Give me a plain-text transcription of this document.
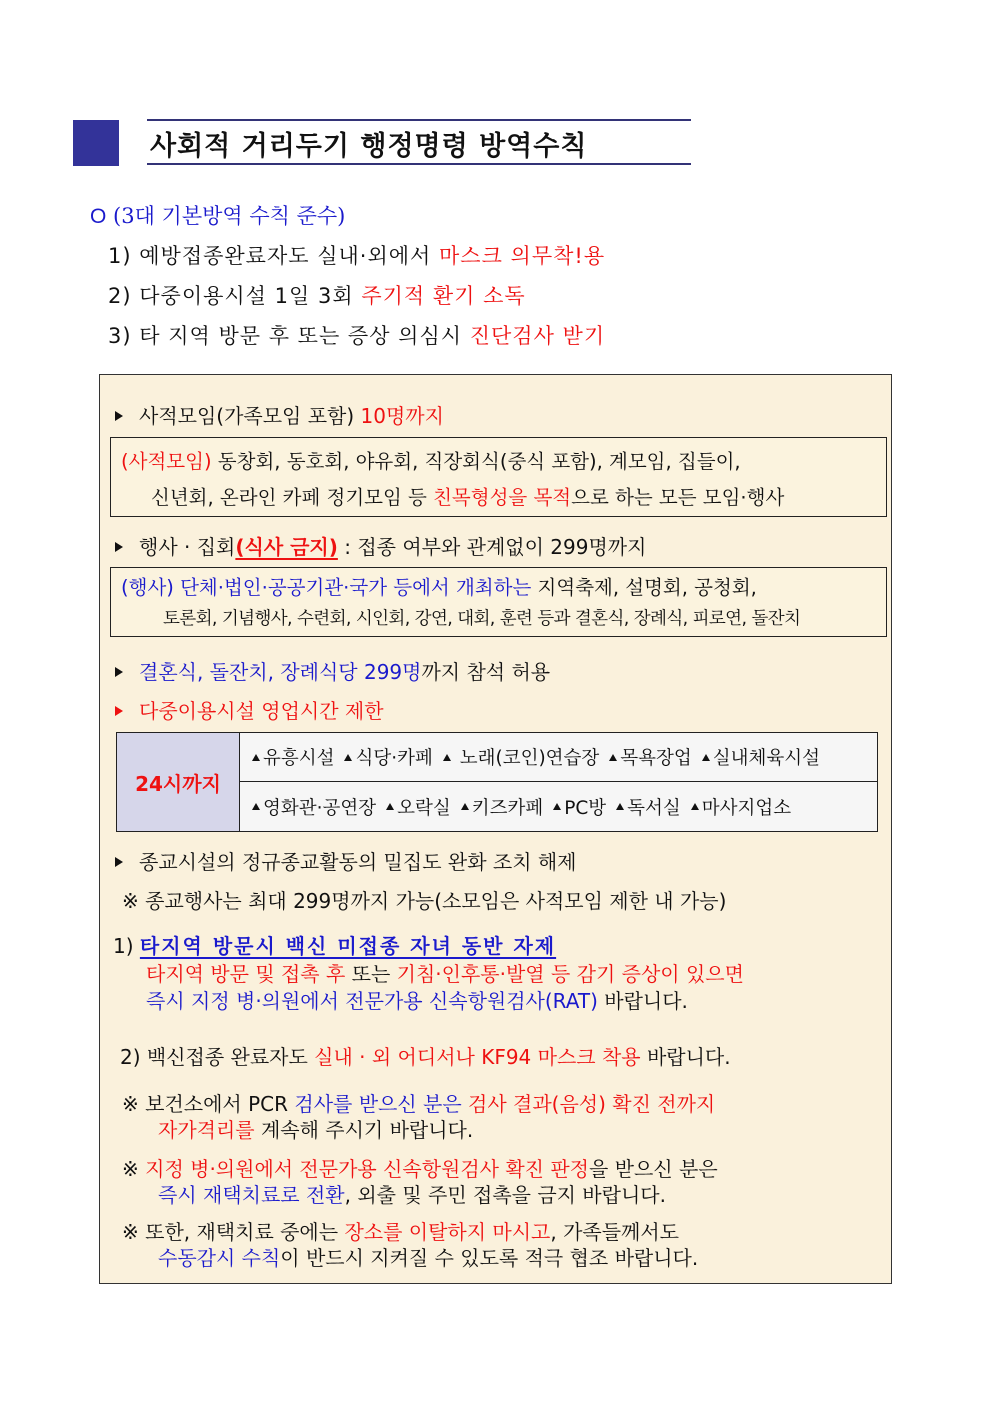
사회적 거리두기 행정명령 방역수칙
O (3대 기본방역 수칙 준수)
1) 예방접종완료자도 실내·외에서 마스크 의무착!용
2) 다중이용시설 1일 3회 주기적 환기 소독
3) 타 지역 방문 후 또는 증상 의심시 진단검사 받기
사적모임(가족모임 포함) 10명까지
(사적모임) 동창회, 동호회, 야유회, 직장회식(중식 포함), 계모임, 집들이,
신년회, 온라인 카페 정기모임 등 친목형성을 목적으로 하는 모든 모임·행사
행사 · 집회(식사 금지) : 접종 여부와 관계없이 299명까지
(행사) 단체·법인·공공기관·국가 등에서 개최하는 지역축제, 설명회, 공청회,
토론회, 기념행사, 수련회, 시인회, 강연, 대회, 훈련 등과 결혼식, 장례식, 피로연, 돌잔치
결혼식, 돌잔치, 장례식당 299명까지 참석 허용
다중이용시설 영업시간 제한
24시까지
유흥시설	식당·카페	노래(코인)연습장	목욕장업	실내체육시설
영화관·공연장	오락실	키즈카페	PC방	독서실	마사지업소
종교시설의 정규종교활동의 밀집도 완화 조치 해제
※ 종교행사는 최대 299명까지 가능(소모임은 사적모임 제한 내 가능)
1) 타지역 방문시 백신 미접종 자녀 동반 자제
타지역 방문 및 접촉 후 또는 기침·인후통·발열 등 감기 증상이 있으면
즉시 지정 병·의원에서 전문가용 신속항원검사(RAT) 바랍니다.
2) 백신접종 완료자도 실내 · 외 어디서나 KF94 마스크 착용 바랍니다.
※ 보건소에서 PCR 검사를 받으신 분은 검사 결과(음성) 확진 전까지
자가격리를 계속해 주시기 바랍니다.
※ 지정 병·의원에서 전문가용 신속항원검사 확진 판정을 받으신 분은
즉시 재택치료로 전환, 외출 및 주민 접촉을 금지 바랍니다.
※ 또한, 재택치료 중에는 장소를 이탈하지 마시고, 가족들께서도
수동감시 수칙이 반드시 지켜질 수 있도록 적극 협조 바랍니다.
